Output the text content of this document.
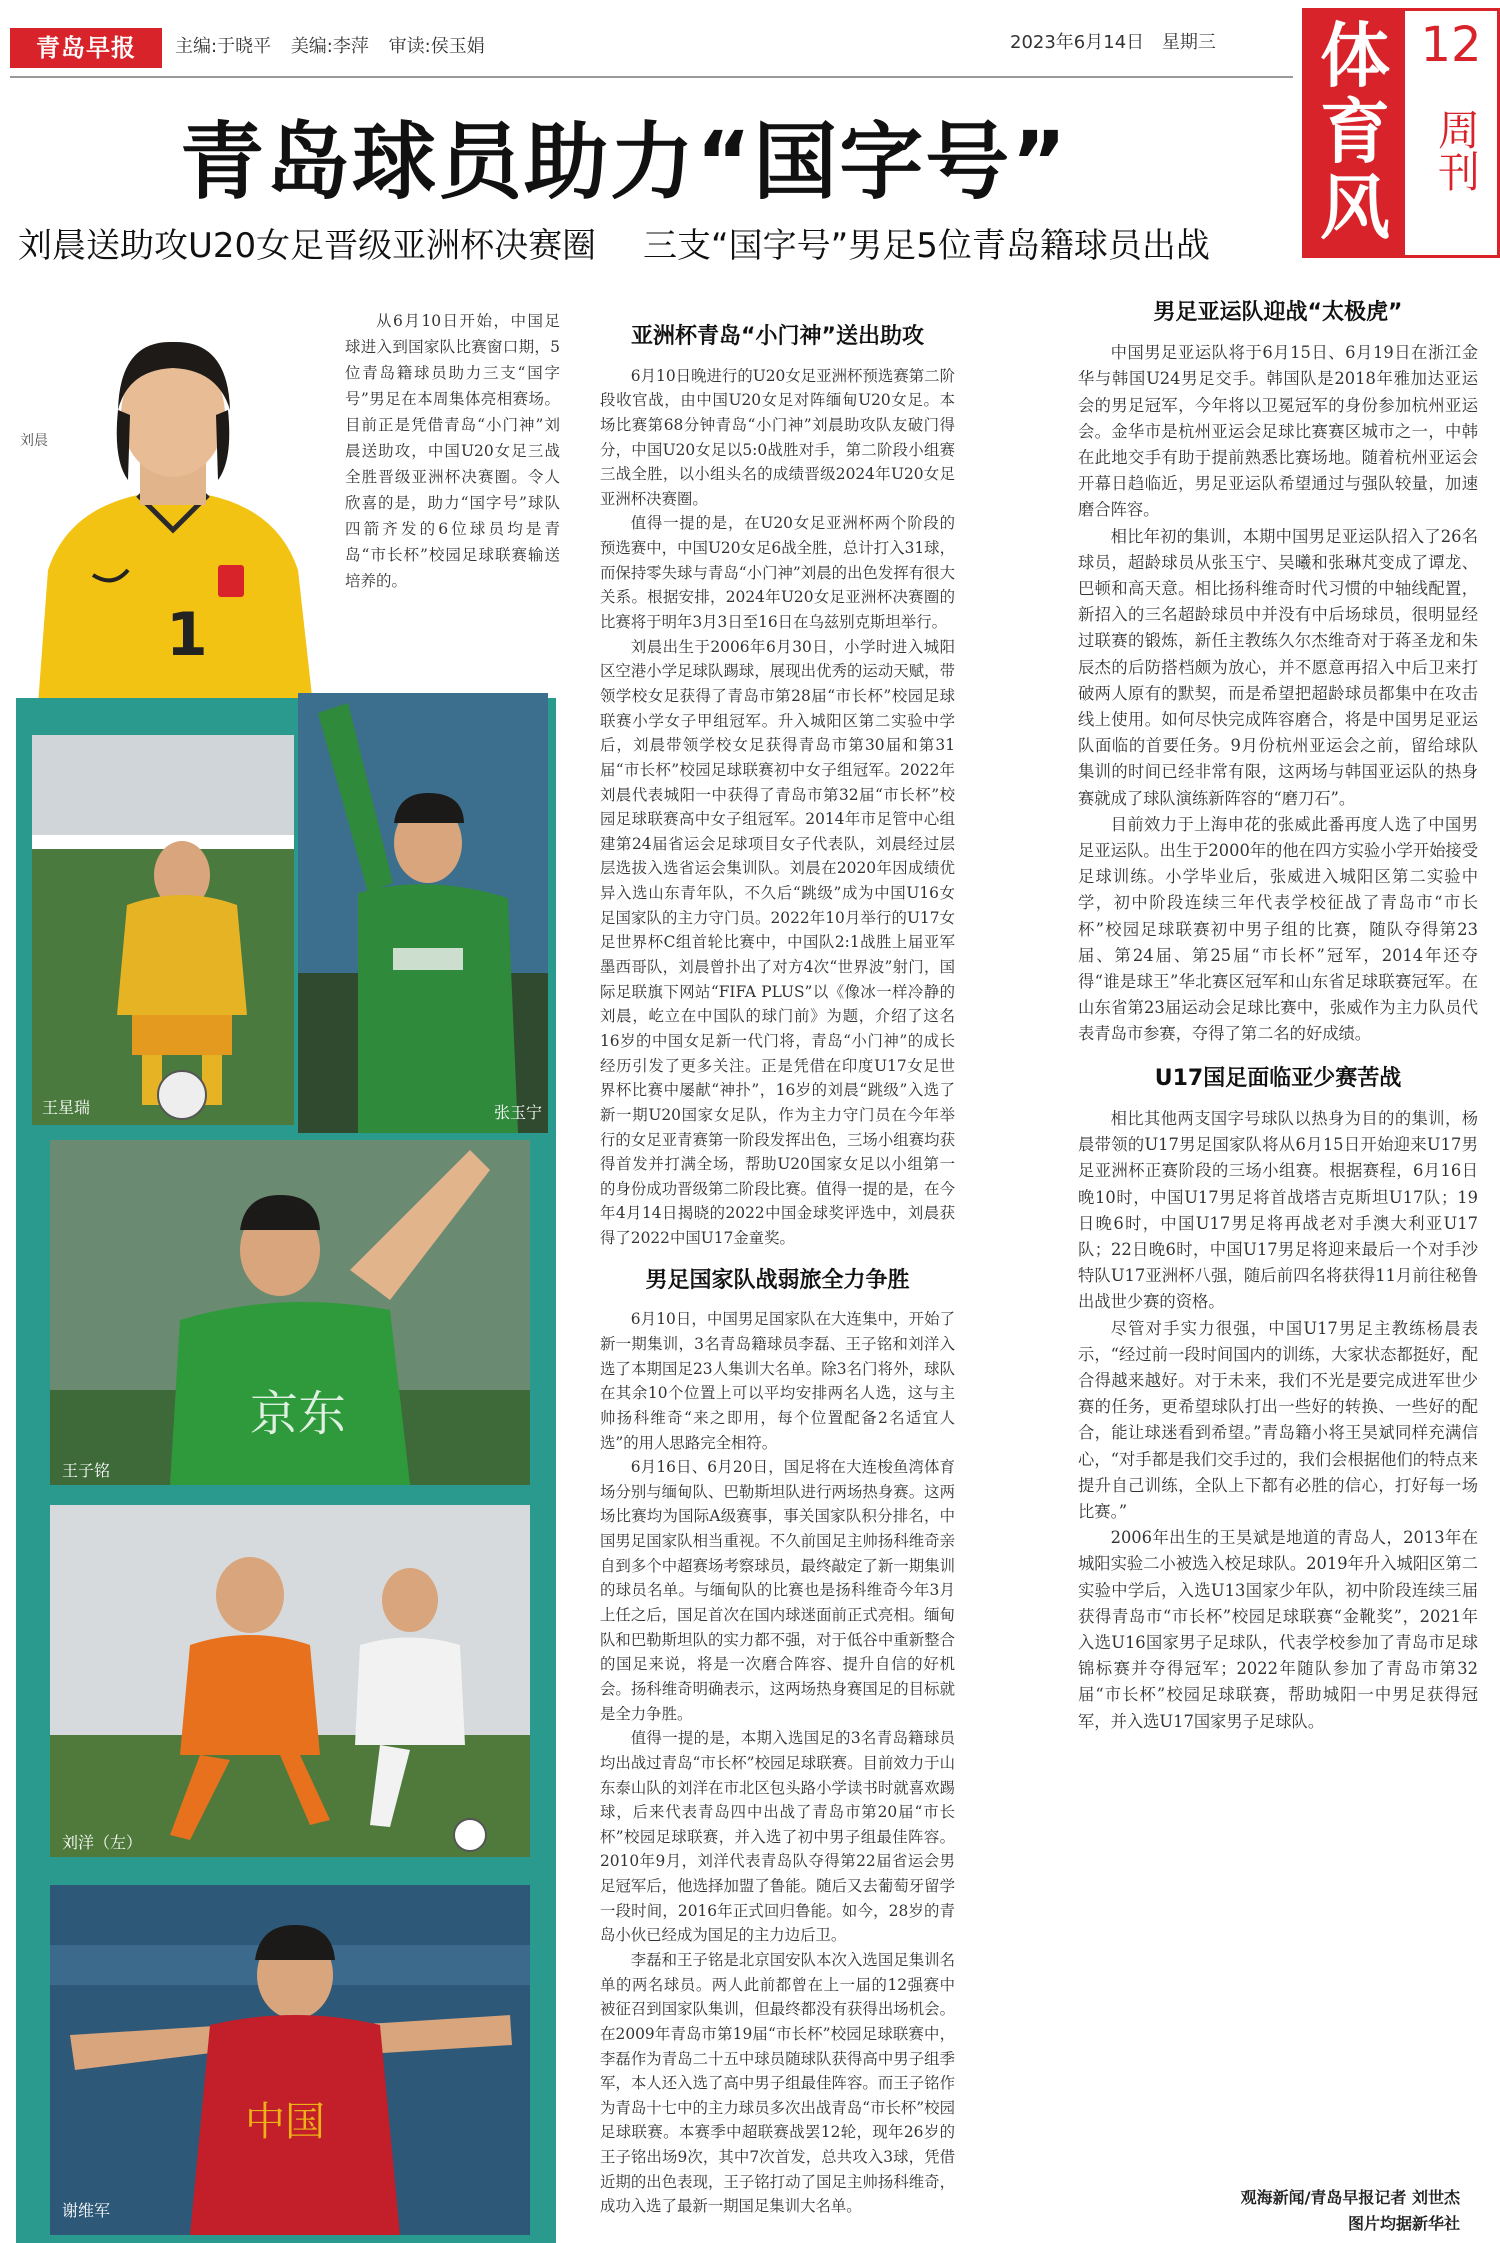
青岛早报	主编:于晓平 美编:李萍 审读:侯玉娟	2023年6月14日 星期三 体育风
12
周刊
青岛球员助力“国字号”
刘晨送助攻U20女足晋级亚洲杯决赛圈 三支“国字号”男足5位青岛籍球员出战
刘晨
1
从6月10日开始，中国足球进入到国家队比赛窗口期，5位青岛籍球员助力三支“国字号”男足在本周集体亮相赛场。目前正是凭借青岛“小门神”刘晨送助攻，中国U20女足三战全胜晋级亚洲杯决赛圈。令人欣喜的是，助力“国字号”球队四箭齐发的6位球员均是青岛“市长杯”校园足球联赛输送培养的。
王星瑞	张玉宁
京东
王子铭
刘洋（左）
中国
谢维军
亚洲杯青岛“小门神”送出助攻

6月10日晚进行的U20女足亚洲杯预选赛第二阶段收官战，由中国U20女足对阵缅甸U20女足。本场比赛第68分钟青岛“小门神”刘晨助攻队友破门得分，中国U20女足以5:0战胜对手，第二阶段小组赛三战全胜，以小组头名的成绩晋级2024年U20女足亚洲杯决赛圈。

值得一提的是，在U20女足亚洲杯两个阶段的预选赛中，中国U20女足6战全胜，总计打入31球，而保持零失球与青岛“小门神”刘晨的出色发挥有很大关系。根据安排，2024年U20女足亚洲杯决赛圈的比赛将于明年3月3日至16日在乌兹别克斯坦举行。

刘晨出生于2006年6月30日，小学时进入城阳区空港小学足球队踢球，展现出优秀的运动天赋，带领学校女足获得了青岛市第28届“市长杯”校园足球联赛小学女子甲组冠军。升入城阳区第二实验中学后，刘晨带领学校女足获得青岛市第30届和第31届“市长杯”校园足球联赛初中女子组冠军。2022年刘晨代表城阳一中获得了青岛市第32届“市长杯”校园足球联赛高中女子组冠军。2014年市足管中心组建第24届省运会足球项目女子代表队，刘晨经过层层选拔入选省运会集训队。刘晨在2020年因成绩优异入选山东青年队，不久后“跳级”成为中国U16女足国家队的主力守门员。2022年10月举行的U17女足世界杯C组首轮比赛中，中国队2:1战胜上届亚军墨西哥队，刘晨曾扑出了对方4次“世界波”射门，国际足联旗下网站“FIFA PLUS”以《像冰一样冷静的刘晨，屹立在中国队的球门前》为题，介绍了这名16岁的中国女足新一代门将，青岛“小门神”的成长经历引发了更多关注。正是凭借在印度U17女足世界杯比赛中屡献“神扑”，16岁的刘晨“跳级”入选了新一期U20国家女足队，作为主力守门员在今年举行的女足亚青赛第一阶段发挥出色，三场小组赛均获得首发并打满全场，帮助U20国家女足以小组第一的身份成功晋级第二阶段比赛。值得一提的是，在今年4月14日揭晓的2022中国金球奖评选中，刘晨获得了2022中国U17金童奖。

男足国家队战弱旅全力争胜

6月10日，中国男足国家队在大连集中，开始了新一期集训，3名青岛籍球员李磊、王子铭和刘洋入选了本期国足23人集训大名单。除3名门将外，球队在其余10个位置上可以平均安排两名人选，这与主帅扬科维奇“来之即用，每个位置配备2名适宜人选”的用人思路完全相符。

6月16日、6月20日，国足将在大连梭鱼湾体育场分别与缅甸队、巴勒斯坦队进行两场热身赛。这两场比赛均为国际A级赛事，事关国家队积分排名，中国男足国家队相当重视。不久前国足主帅扬科维奇亲自到多个中超赛场考察球员，最终敲定了新一期集训的球员名单。与缅甸队的比赛也是扬科维奇今年3月上任之后，国足首次在国内球迷面前正式亮相。缅甸队和巴勒斯坦队的实力都不强，对于低谷中重新整合的国足来说，将是一次磨合阵容、提升自信的好机会。扬科维奇明确表示，这两场热身赛国足的目标就是全力争胜。

值得一提的是，本期入选国足的3名青岛籍球员均出战过青岛“市长杯”校园足球联赛。目前效力于山东泰山队的刘洋在市北区包头路小学读书时就喜欢踢球，后来代表青岛四中出战了青岛市第20届“市长杯”校园足球联赛，并入选了初中男子组最佳阵容。2010年9月，刘洋代表青岛队夺得第22届省运会男足冠军后，他选择加盟了鲁能。随后又去葡萄牙留学一段时间，2016年正式回归鲁能。如今，28岁的青岛小伙已经成为国足的主力边后卫。

李磊和王子铭是北京国安队本次入选国足集训名单的两名球员。两人此前都曾在上一届的12强赛中被征召到国家队集训，但最终都没有获得出场机会。在2009年青岛市第19届“市长杯”校园足球联赛中，李磊作为青岛二十五中球员随球队获得高中男子组季军，本人还入选了高中男子组最佳阵容。而王子铭作为青岛十七中的主力球员多次出战青岛“市长杯”校园足球联赛。本赛季中超联赛战罢12轮，现年26岁的王子铭出场9次，其中7次首发，总共攻入3球，凭借近期的出色表现，王子铭打动了国足主帅扬科维奇，成功入选了最新一期国足集训大名单。

男足亚运队迎战“太极虎”

中国男足亚运队将于6月15日、6月19日在浙江金华与韩国U24男足交手。韩国队是2018年雅加达亚运会的男足冠军，今年将以卫冕冠军的身份参加杭州亚运会。金华市是杭州亚运会足球比赛赛区城市之一，中韩在此地交手有助于提前熟悉比赛场地。随着杭州亚运会开幕日趋临近，男足亚运队希望通过与强队较量，加速磨合阵容。

相比年初的集训，本期中国男足亚运队招入了26名球员，超龄球员从张玉宁、吴曦和张琳芃变成了谭龙、巴顿和高天意。相比扬科维奇时代习惯的中轴线配置，新招入的三名超龄球员中并没有中后场球员，很明显经过联赛的锻炼，新任主教练久尔杰维奇对于蒋圣龙和朱辰杰的后防搭档颇为放心，并不愿意再招入中后卫来打破两人原有的默契，而是希望把超龄球员都集中在攻击线上使用。如何尽快完成阵容磨合，将是中国男足亚运队面临的首要任务。9月份杭州亚运会之前，留给球队集训的时间已经非常有限，这两场与韩国亚运队的热身赛就成了球队演练新阵容的“磨刀石”。

目前效力于上海申花的张威此番再度人选了中国男足亚运队。出生于2000年的他在四方实验小学开始接受足球训练。小学毕业后，张威进入城阳区第二实验中学，初中阶段连续三年代表学校征战了青岛市“市长杯”校园足球联赛初中男子组的比赛，随队夺得第23届、第24届、第25届“市长杯”冠军，2014年还夺得“谁是球王”华北赛区冠军和山东省足球联赛冠军。在山东省第23届运动会足球比赛中，张威作为主力队员代表青岛市参赛，夺得了第二名的好成绩。

U17国足面临亚少赛苦战

相比其他两支国字号球队以热身为目的的集训，杨晨带领的U17男足国家队将从6月15日开始迎来U17男足亚洲杯正赛阶段的三场小组赛。根据赛程，6月16日晚10时，中国U17男足将首战塔吉克斯坦U17队；19日晚6时，中国U17男足将再战老对手澳大利亚U17队；22日晚6时，中国U17男足将迎来最后一个对手沙特队U17亚洲杯八强，随后前四名将获得11月前往秘鲁出战世少赛的资格。

尽管对手实力很强，中国U17男足主教练杨晨表示，“经过前一段时间国内的训练，大家状态都挺好，配合得越来越好。对于未来，我们不光是要完成进军世少赛的任务，更希望球队打出一些好的转换、一些好的配合，能让球迷看到希望。”青岛籍小将王昊斌同样充满信心，“对手都是我们交手过的，我们会根据他们的特点来提升自己训练，全队上下都有必胜的信心，打好每一场比赛。”

2006年出生的王昊斌是地道的青岛人，2013年在城阳实验二小被选入校足球队。2019年升入城阳区第二实验中学后，入选U13国家少年队，初中阶段连续三届获得青岛市“市长杯”校园足球联赛“金靴奖”，2021年入选U16国家男子足球队，代表学校参加了青岛市足球锦标赛并夺得冠军；2022年随队参加了青岛市第32届“市长杯”校园足球联赛，帮助城阳一中男足获得冠军，并入选U17国家男子足球队。

观海新闻/青岛早报记者 刘世杰
图片均据新华社
